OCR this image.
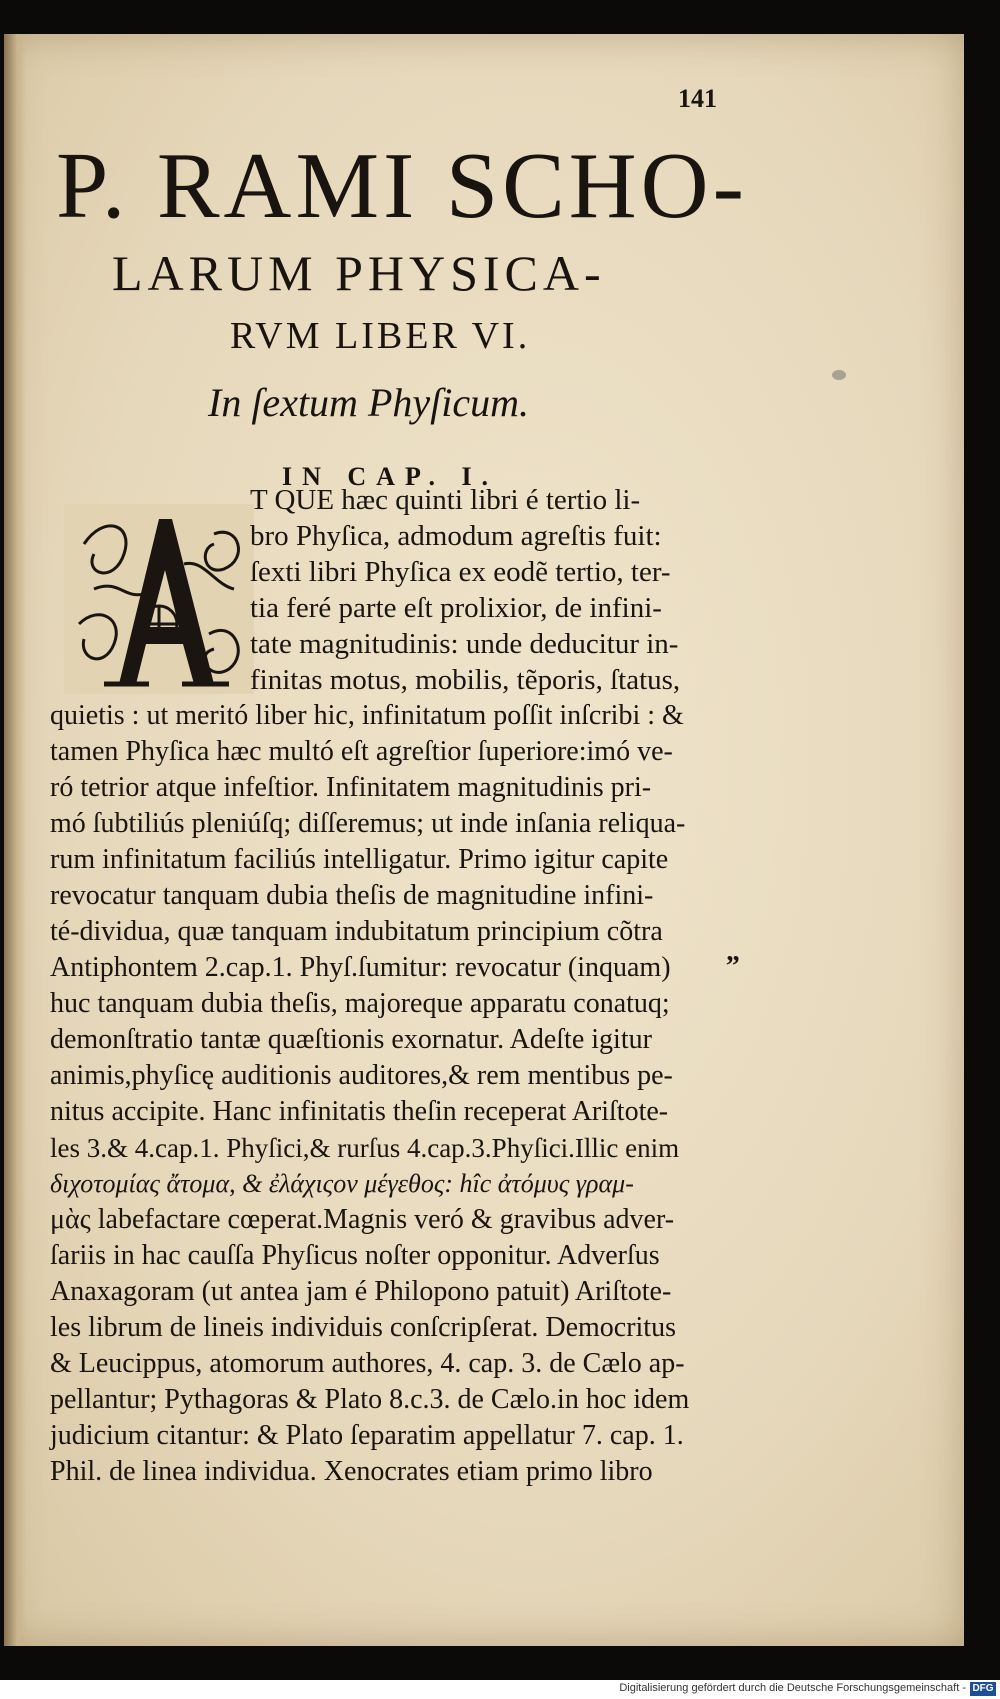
141
P. RAMI SCHO-
LARUM PHYSICA-
RVM LIBER VI.
In ſextum Phyſicum.
IN CAP. I.
T QUE hæc quinti libri é tertio li-
bro Phyſica, admodum agreſtis fuit:
ſexti libri Phyſica ex eodẽ tertio, ter-
tia feré parte eſt prolixior, de infini-
tate magnitudinis: unde deducitur in-
finitas motus, mobilis, tẽporis, ſtatus,
quietis : ut meritó liber hic, infinitatum poſſit inſcribi : &
tamen Phyſica hæc multó eſt agreſtior ſuperiore:imó ve-
ró tetrior atque infeſtior. Infinitatem magnitudinis pri-
mó ſubtiliús pleniúſq; diſſeremus; ut inde inſania reliqua-
rum infinitatum faciliús intelligatur. Primo igitur capite
revocatur tanquam dubia theſis de magnitudine infini-
té-dividua, quæ tanquam indubitatum principium cõtra
Antiphontem 2.cap.1. Phyſ.ſumitur: revocatur (inquam)
huc tanquam dubia theſis, majoreque apparatu conatuq;
demonſtratio tantæ quæſtionis exornatur. Adeſte igitur
animis,phyſicę auditionis auditores,& rem mentibus pe-
nitus accipite. Hanc infinitatis theſin receperat Ariſtote-
les 3.& 4.cap.1. Phyſici,& rurſus 4.cap.3.Phyſici.Illic enim
διχοτομίας ἄτομα, & ἐλάχιςον μέγεθος: hîc ἀτόμυς γραμ-
μὰς labefactare cœperat.Magnis veró & gravibus adver-
ſariis in hac cauſſa Phyſicus noſter opponitur. Adverſus
Anaxagoram (ut antea jam é Philopono patuit) Ariſtote-
les librum de lineis individuis conſcripſerat. Democritus
& Leucippus, atomorum authores, 4. cap. 3. de Cælo ap-
pellantur; Pythagoras & Plato 8.c.3. de Cælo.in hoc idem
judicium citantur: & Plato ſeparatim appellatur 7. cap. 1.
Phil. de linea individua. Xenocrates etiam primo libro
„
Digitalisierung gefördert durch die Deutsche Forschungsgemeinschaft - DFG
